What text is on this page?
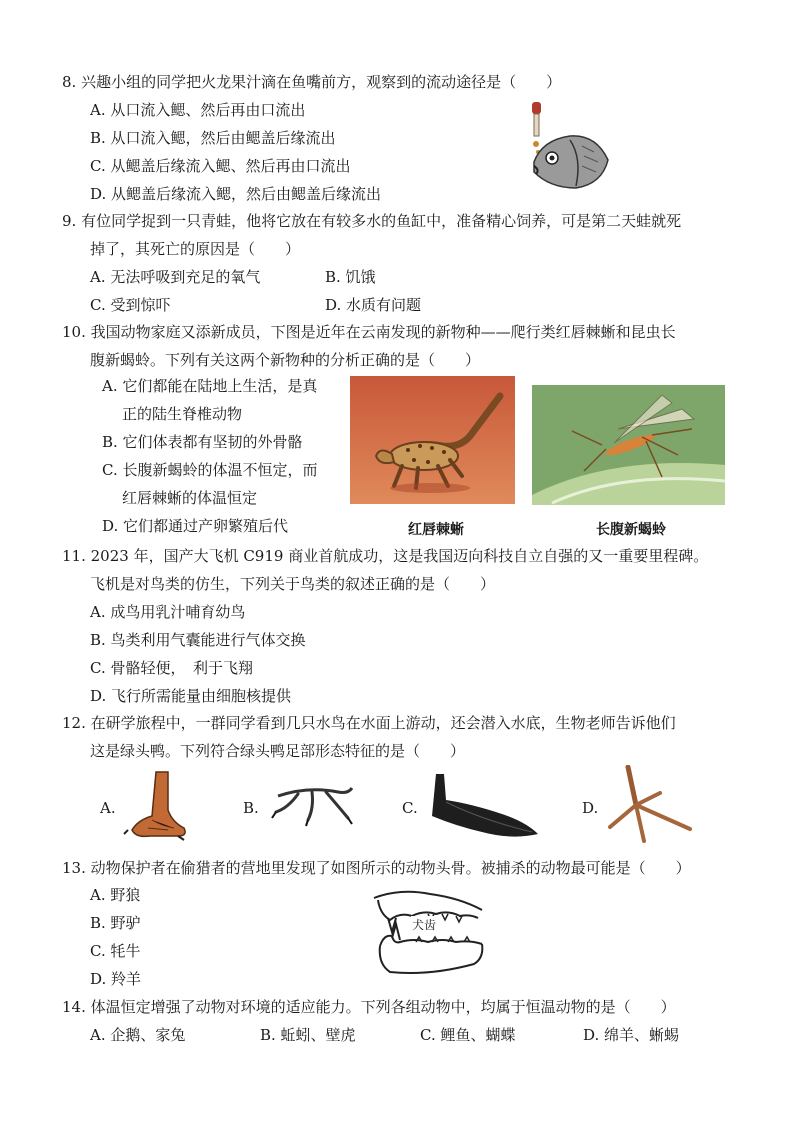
8. 兴趣小组的同学把火龙果汁滴在鱼嘴前方，观察到的流动途径是（　　）
A. 从口流入鳃、然后再由口流出
B. 从口流入鳃，然后由鳃盖后缘流出
C. 从鳃盖后缘流入鳃、然后再由口流出
D. 从鳃盖后缘流入鳃，然后由鳃盖后缘流出
9. 有位同学捉到一只青蛙，他将它放在有较多水的鱼缸中，准备精心饲养，可是第二天蛙就死
掉了，其死亡的原因是（　　）
A. 无法呼吸到充足的氧气	B. 饥饿
C. 受到惊吓	D. 水质有问题
10. 我国动物家庭又添新成员，下图是近年在云南发现的新物种——爬行类红唇棘蜥和昆虫长
腹新蝎蛉。下列有关这两个新物种的分析正确的是（　　）
A. 它们都能在陆地上生活，是真
正的陆生脊椎动物
B. 它们体表都有坚韧的外骨骼
C. 长腹新蝎蛉的体温不恒定，而
红唇棘蜥的体温恒定
D. 它们都通过产卵繁殖后代	红唇棘蜥	长腹新蝎蛉
11. 2023 年，国产大飞机 C919 商业首航成功，这是我国迈向科技自立自强的又一重要里程碑。
飞机是对鸟类的仿生，下列关于鸟类的叙述正确的是（　　）
A. 成鸟用乳汁哺育幼鸟
B. 鸟类利用气囊能进行气体交换
C. 骨骼轻便，　利于飞翔
D. 飞行所需能量由细胞核提供
12. 在研学旅程中，一群同学看到几只水鸟在水面上游动，还会潜入水底，生物老师告诉他们
这是绿头鸭。下列符合绿头鸭足部形态特征的是（　　）
A.	B.	C.	D.
13. 动物保护者在偷猎者的营地里发现了如图所示的动物头骨。被捕杀的动物最可能是（　　）
A. 野狼
B. 野驴
C. 牦牛
D. 羚羊
犬齿
14. 体温恒定增强了动物对环境的适应能力。下列各组动物中，均属于恒温动物的是（　　）
A. 企鹅、家兔	B. 蚯蚓、壁虎	C. 鲤鱼、蝴蝶	D. 绵羊、蜥蜴
